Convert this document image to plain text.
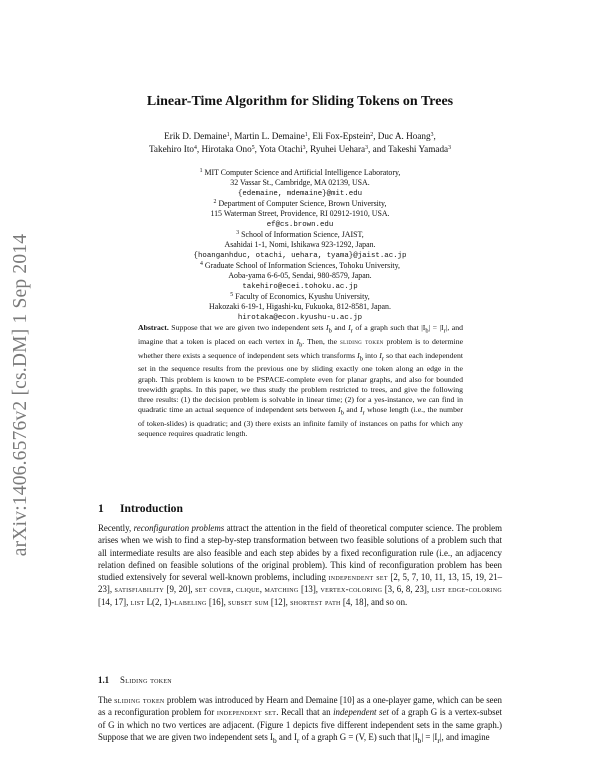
arXiv:1406.6576v2 [cs.DM] 1 Sep 2014
Linear-Time Algorithm for Sliding Tokens on Trees
Erik D. Demaine$^1$, Martin L. Demaine$^1$, Eli Fox-Epstein$^2$, Duc A. Hoang$^3$,
Takehiro Ito$^4$, Hirotaka Ono$^5$, Yota Otachi$^3$, Ryuhei Uehara$^3$, and Takeshi Yamada$^3$
$^1$ MIT Computer Science and Artificial Intelligence Laboratory,
32 Vassar St., Cambridge, MA 02139, USA.
{edemaine, mdemaine}@mit.edu
$^2$ Department of Computer Science, Brown University,
115 Waterman Street, Providence, RI 02912-1910, USA.
ef@cs.brown.edu
$^3$ School of Information Science, JAIST,
Asahidai 1-1, Nomi, Ishikawa 923-1292, Japan.
{hoanganhduc, otachi, uehara, tyama}@jaist.ac.jp
$^4$ Graduate School of Information Sciences, Tohoku University,
Aoba-yama 6-6-05, Sendai, 980-8579, Japan.
takehiro@ecei.tohoku.ac.jp
$^5$ Faculty of Economics, Kyushu University,
Hakozaki 6-19-1, Higashi-ku, Fukuoka, 812-8581, Japan.
hirotaka@econ.kyushu-u.ac.jp
Abstract. Suppose that we are given two independent sets $I_b$ and $I_r$ of a graph such that $|I_b| = |I_r|$, and imagine that a token is placed on each vertex in $I_b$. Then, the sliding token problem is to determine whether there exists a sequence of independent sets which transforms $I_b$ into $I_r$ so that each independent set in the sequence results from the previous one by sliding exactly one token along an edge in the graph. This problem is known to be PSPACE-complete even for planar graphs, and also for bounded treewidth graphs. In this paper, we thus study the problem restricted to trees, and give the following three results: (1) the decision problem is solvable in linear time; (2) for a yes-instance, we can find in quadratic time an actual sequence of independent sets between $I_b$ and $I_r$ whose length (i.e., the number of token-slides) is quadratic; and (3) there exists an infinite family of instances on paths for which any sequence requires quadratic length.
1 Introduction
Recently, reconfiguration problems attract the attention in the field of theoretical computer science. The problem arises when we wish to find a step-by-step transformation between two feasible solutions of a problem such that all intermediate results are also feasible and each step abides by a fixed reconfiguration rule (i.e., an adjacency relation defined on feasible solutions of the original problem). This kind of reconfiguration problem has been studied extensively for several well-known problems, including independent set [2, 5, 7, 10, 11, 13, 15, 19, 21–23], satisfiability [9, 20], set cover, clique, matching [13], vertex-coloring [3, 6, 8, 23], list edge-coloring [14, 17], list L(2, 1)-labeling [16], subset sum [12], shortest path [4, 18], and so on.
1.1 Sliding token
The sliding token problem was introduced by Hearn and Demaine [10] as a one-player game, which can be seen as a reconfiguration problem for independent set. Recall that an independent set of a graph G is a vertex-subset of G in which no two vertices are adjacent. (Figure 1 depicts five different independent sets in the same graph.) Suppose that we are given two independent sets $I_b$ and $I_r$ of a graph G = (V, E) such that $|I_b| = |I_r|$, and imagine
